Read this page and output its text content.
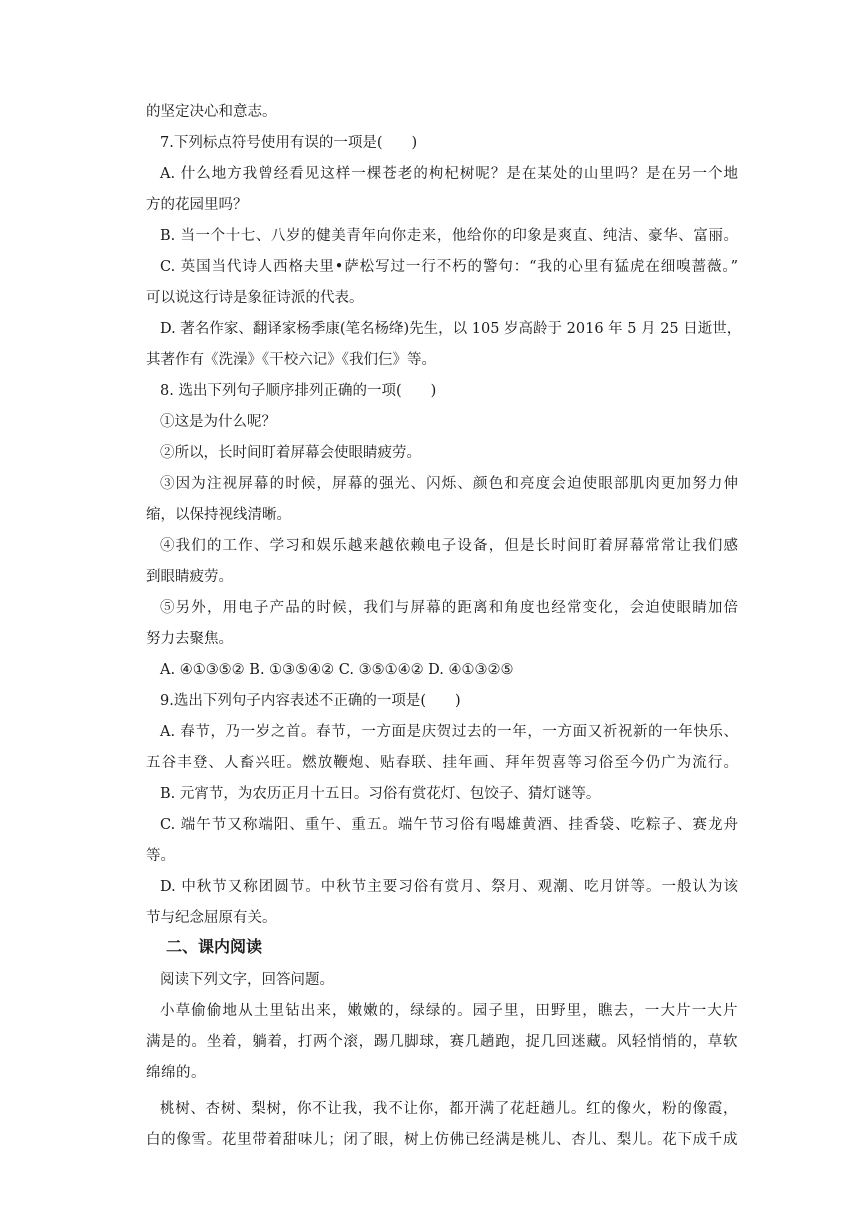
的坚定决心和意志。
7.下列标点符号使用有误的一项是(　　)
A. 什么地方我曾经看见这样一棵苍老的枸杞树呢？是在某处的山里吗？是在另一个地
方的花园里吗？
B. 当一个十七、八岁的健美青年向你走来，他给你的印象是爽直、纯洁、豪华、富丽。
C. 英国当代诗人西格夫里•萨松写过一行不朽的警句：“我的心里有猛虎在细嗅蔷薇。”
可以说这行诗是象征诗派的代表。
D. 著名作家、翻译家杨季康(笔名杨绛)先生，以 105 岁高龄于 2016 年 5 月 25 日逝世，
其著作有《洗澡》《干校六记》《我们仨》等。
8. 选出下列句子顺序排列正确的一项(　　)
①这是为什么呢？
②所以，长时间盯着屏幕会使眼睛疲劳。
③因为注视屏幕的时候，屏幕的强光、闪烁、颜色和亮度会迫使眼部肌肉更加努力伸
缩，以保持视线清晰。
④我们的工作、学习和娱乐越来越依赖电子设备，但是长时间盯着屏幕常常让我们感
到眼睛疲劳。
⑤另外，用电子产品的时候，我们与屏幕的距离和角度也经常变化，会迫使眼睛加倍
努力去聚焦。
A. ④①③⑤② B. ①③⑤④② C. ③⑤①④② D. ④①③②⑤
9.选出下列句子内容表述不正确的一项是(　　)
A. 春节，乃一岁之首。春节，一方面是庆贺过去的一年，一方面又祈祝新的一年快乐、
五谷丰登、人畜兴旺。燃放鞭炮、贴春联、挂年画、拜年贺喜等习俗至今仍广为流行。
B. 元宵节，为农历正月十五日。习俗有赏花灯、包饺子、猜灯谜等。
C. 端午节又称端阳、重午、重五。端午节习俗有喝雄黄酒、挂香袋、吃粽子、赛龙舟
等。
D. 中秋节又称团圆节。中秋节主要习俗有赏月、祭月、观潮、吃月饼等。一般认为该
节与纪念屈原有关。
二、课内阅读
阅读下列文字，回答问题。
小草偷偷地从土里钻出来，嫩嫩的，绿绿的。园子里，田野里，瞧去，一大片一大片
满是的。坐着，躺着，打两个滚，踢几脚球，赛几趟跑，捉几回迷藏。风轻悄悄的，草软
绵绵的。
桃树、杏树、梨树，你不让我，我不让你，都开满了花赶趟儿。红的像火，粉的像霞，
白的像雪。花里带着甜味儿；闭了眼，树上仿佛已经满是桃儿、杏儿、梨儿。花下成千成
